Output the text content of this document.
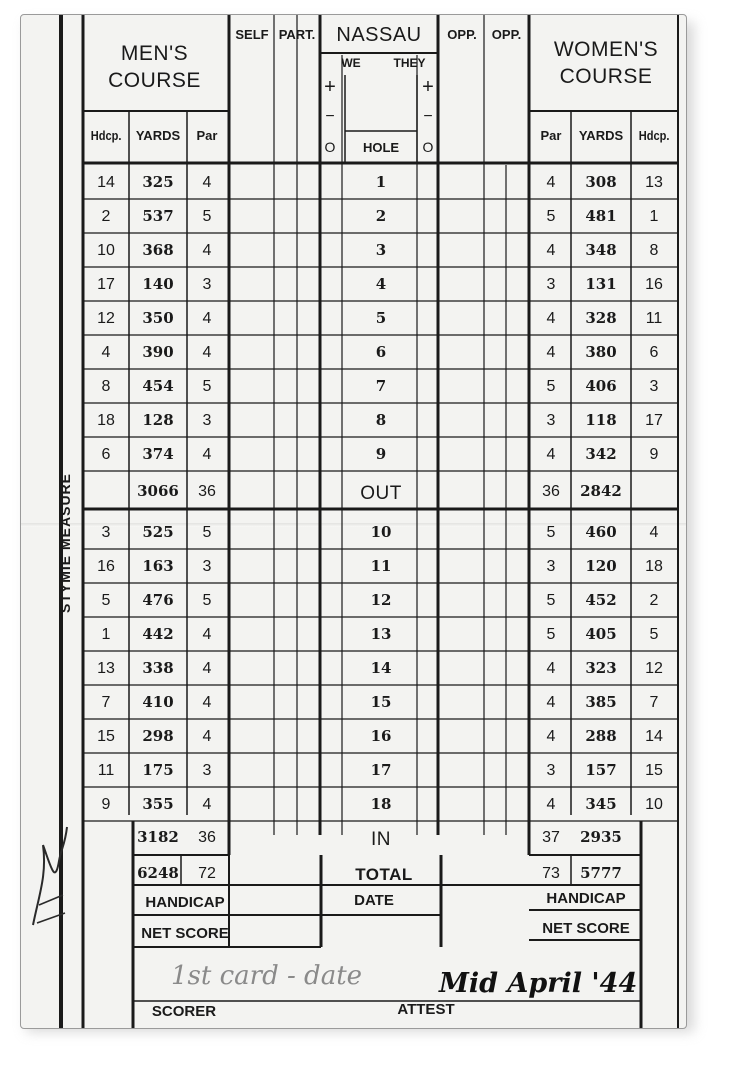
MEN'S
COURSE
WOMEN'S
COURSE
SELF PART.	NASSAU
WE	THEY
OPP.	OPP.
+
−
O
+
−
O
HOLE
Hdcp.	YARDS	Par	Par	YARDS	Hdcp.
STYMIE MEASURE
14	325	4	1	4	308	13
2	537	5	2	5	481	1
10	368	4	3	4	348	8
17	140	3	4	3	131	16
12	350	4	5	4	328	11
4	390	4	6	4	380	6
8	454	5	7	5	406	3
18	128	3	8	3	118	17
6	374	4	9	4	342	9
3	525	5	10	5	460	4
16	163	3	11	3	120	18
5	476	5	12	5	452	2
1	442	4	13	5	405	5
13	338	4	14	4	323	12
7	410	4	15	4	385	7
15	298	4	16	4	288	14
11	175	3	17	3	157	15
9	355	4	18	4	345	10
3066	36	OUT	36	2842
3182	36	IN	37	2935
6248	72	TOTAL	73	5777
DATE
HANDICAP
NET SCORE
HANDICAP
NET SCORE
SCORER	ATTEST
1st card - date	Mid April '44
